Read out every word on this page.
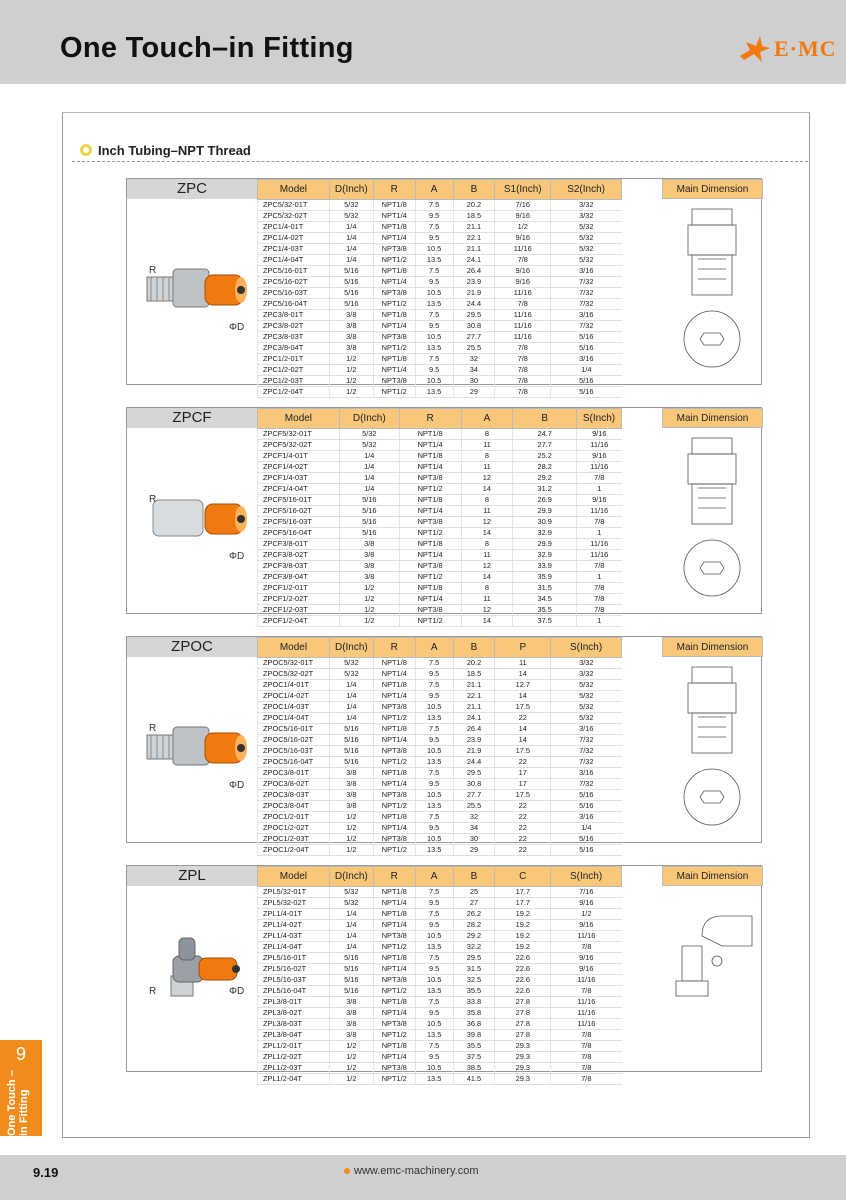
One Touch–in Fitting	E·MC
Inch Tubing–NPT Thread
ZPC
R
ΦD
Model	D(Inch)	R	A	B	S1(Inch)	S2(Inch)
ZPC5/32-01T	5/32	NPT1/8	7.5	20.2	7/16	3/32
ZPC5/32-02T	5/32	NPT1/4	9.5	18.5	9/16	3/32
ZPC1/4-01T	1/4	NPT1/8	7.5	21.1	1/2	5/32
ZPC1/4-02T	1/4	NPT1/4	9.5	22.1	9/16	5/32
ZPC1/4-03T	1/4	NPT3/8	10.5	21.1	11/16	5/32
ZPC1/4-04T	1/4	NPT1/2	13.5	24.1	7/8	5/32
ZPC5/16-01T	5/16	NPT1/8	7.5	26.4	9/16	3/16
ZPC5/16-02T	5/16	NPT1/4	9.5	23.9	9/16	7/32
ZPC5/16-03T	5/16	NPT3/8	10.5	21.9	11/16	7/32
ZPC5/16-04T	5/16	NPT1/2	13.5	24.4	7/8	7/32
ZPC3/8-01T	3/8	NPT1/8	7.5	29.5	11/16	3/16
ZPC3/8-02T	3/8	NPT1/4	9.5	30.8	11/16	7/32
ZPC3/8-03T	3/8	NPT3/8	10.5	27.7	11/16	5/16
ZPC3/8-04T	3/8	NPT1/2	13.5	25.5	7/8	5/16
ZPC1/2-01T	1/2	NPT1/8	7.5	32	7/8	3/16
ZPC1/2-02T	1/2	NPT1/4	9.5	34	7/8	1/4
ZPC1/2-03T	1/2	NPT3/8	10.5	30	7/8	5/16
ZPC1/2-04T	1/2	NPT1/2	13.5	29	7/8	5/16
Main Dimension
ZPCF
R
ΦD
Model	D(Inch)	R	A	B	S(Inch)
ZPCF5/32-01T	5/32	NPT1/8	8	24.7	9/16
ZPCF5/32-02T	5/32	NPT1/4	11	27.7	11/16
ZPCF1/4-01T	1/4	NPT1/8	8	25.2	9/16
ZPCF1/4-02T	1/4	NPT1/4	11	28.2	11/16
ZPCF1/4-03T	1/4	NPT3/8	12	29.2	7/8
ZPCF1/4-04T	1/4	NPT1/2	14	31.2	1
ZPCF5/16-01T	5/16	NPT1/8	8	26.9	9/16
ZPCF5/16-02T	5/16	NPT1/4	11	29.9	11/16
ZPCF5/16-03T	5/16	NPT3/8	12	30.9	7/8
ZPCF5/16-04T	5/16	NPT1/2	14	32.9	1
ZPCF3/8-01T	3/8	NPT1/8	8	29.9	11/16
ZPCF3/8-02T	3/8	NPT1/4	11	32.9	11/16
ZPCF3/8-03T	3/8	NPT3/8	12	33.9	7/8
ZPCF3/8-04T	3/8	NPT1/2	14	35.9	1
ZPCF1/2-01T	1/2	NPT1/8	8	31.5	7/8
ZPCF1/2-02T	1/2	NPT1/4	11	34.5	7/8
ZPCF1/2-03T	1/2	NPT3/8	12	35.5	7/8
ZPCF1/2-04T	1/2	NPT1/2	14	37.5	1
Main Dimension
ZPOC
R
ΦD
Model	D(Inch)	R	A	B	P	S(Inch)
ZPOC5/32-01T	5/32	NPT1/8	7.5	20.2	11	3/32
ZPOC5/32-02T	5/32	NPT1/4	9.5	18.5	14	3/32
ZPOC1/4-01T	1/4	NPT1/8	7.5	21.1	12.7	5/32
ZPOC1/4-02T	1/4	NPT1/4	9.5	22.1	14	5/32
ZPOC1/4-03T	1/4	NPT3/8	10.5	21.1	17.5	5/32
ZPOC1/4-04T	1/4	NPT1/2	13.5	24.1	22	5/32
ZPOC5/16-01T	5/16	NPT1/8	7.5	26.4	14	3/16
ZPOC5/16-02T	5/16	NPT1/4	9.5	23.9	14	7/32
ZPOC5/16-03T	5/16	NPT3/8	10.5	21.9	17.5	7/32
ZPOC5/16-04T	5/16	NPT1/2	13.5	24.4	22	7/32
ZPOC3/8-01T	3/8	NPT1/8	7.5	29.5	17	3/16
ZPOC3/8-02T	3/8	NPT1/4	9.5	30.8	17	7/32
ZPOC3/8-03T	3/8	NPT3/8	10.5	27.7	17.5	5/16
ZPOC3/8-04T	3/8	NPT1/2	13.5	25.5	22	5/16
ZPOC1/2-01T	1/2	NPT1/8	7.5	32	22	3/16
ZPOC1/2-02T	1/2	NPT1/4	9.5	34	22	1/4
ZPOC1/2-03T	1/2	NPT3/8	10.5	30	22	5/16
ZPOC1/2-04T	1/2	NPT1/2	13.5	29	22	5/16
Main Dimension
ZPL
R	ΦD
Model	D(Inch)	R	A	B	C	S(Inch)
ZPL5/32-01T	5/32	NPT1/8	7.5	25	17.7	7/16
ZPL5/32-02T	5/32	NPT1/4	9.5	27	17.7	9/16
ZPL1/4-01T	1/4	NPT1/8	7.5	26.2	19.2	1/2
ZPL1/4-02T	1/4	NPT1/4	9.5	28.2	19.2	9/16
ZPL1/4-03T	1/4	NPT3/8	10.5	29.2	19.2	11/16
ZPL1/4-04T	1/4	NPT1/2	13.5	32.2	19.2	7/8
ZPL5/16-01T	5/16	NPT1/8	7.5	29.5	22.6	9/16
ZPL5/16-02T	5/16	NPT1/4	9.5	31.5	22.6	9/16
ZPL5/16-03T	5/16	NPT3/8	10.5	32.5	22.6	11/16
ZPL5/16-04T	5/16	NPT1/2	13.5	35.5	22.6	7/8
ZPL3/8-01T	3/8	NPT1/8	7.5	33.8	27.8	11/16
ZPL3/8-02T	3/8	NPT1/4	9.5	35.8	27.8	11/16
ZPL3/8-03T	3/8	NPT3/8	10.5	36.8	27.8	11/16
ZPL3/8-04T	3/8	NPT1/2	13.5	39.8	27.8	7/8
ZPL1/2-01T	1/2	NPT1/8	7.5	35.5	29.3	7/8
ZPL1/2-02T	1/2	NPT1/4	9.5	37.5	29.3	7/8
ZPL1/2-03T	1/2	NPT3/8	10.5	38.5	29.3	7/8
ZPL1/2-04T	1/2	NPT1/2	13.5	41.5	29.3	7/8
Main Dimension
9
One Touch –in Fitting
9.19	www.emc-machinery.com
